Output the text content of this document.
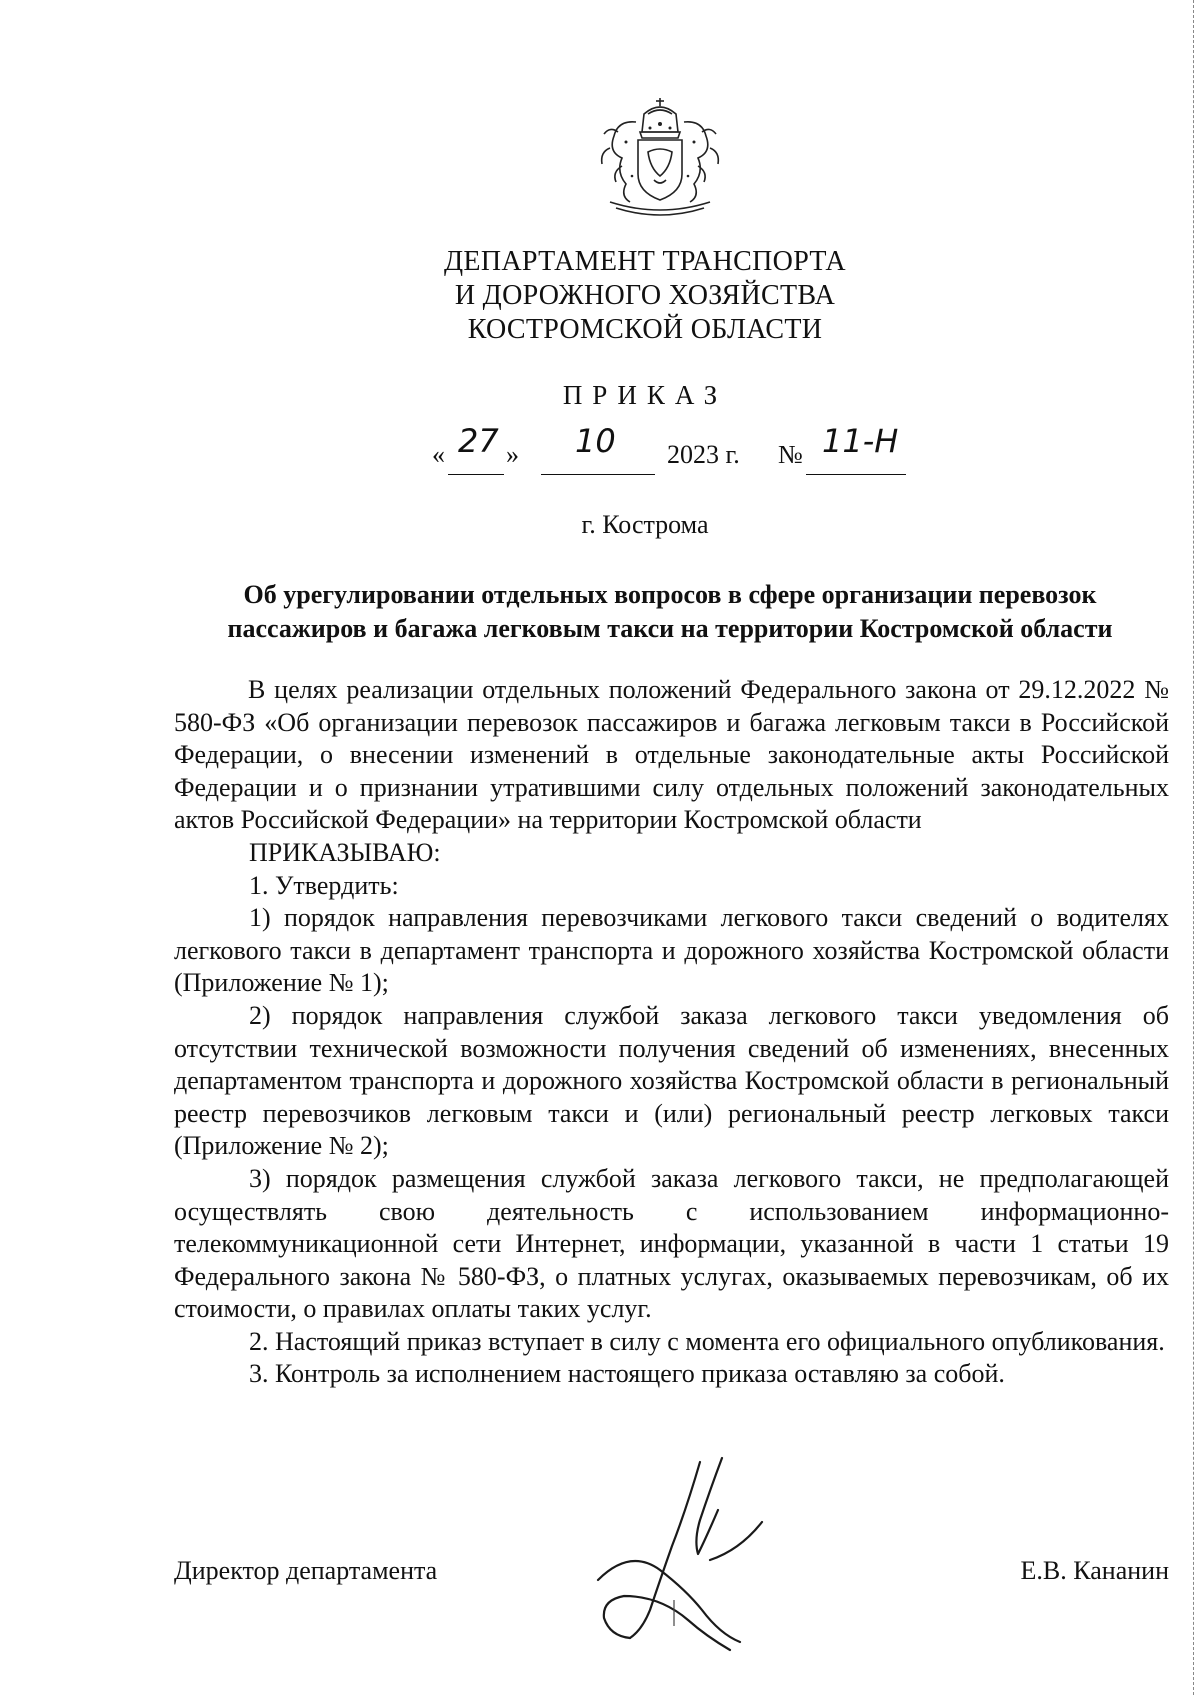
ДЕПАРТАМЕНТ ТРАНСПОРТА
И ДОРОЖНОГО ХОЗЯЙСТВА
КОСТРОМСКОЙ ОБЛАСТИ
ПРИКАЗ
« 27 » 10 2023 г. № 11-Н
г. Кострома
Об урегулировании отдельных вопросов в сфере организации перевозок
пассажиров и багажа легковым такси на территории Костромской области

В целях реализации отдельных положений Федерального закона от 29.12.2022 № 580-ФЗ «Об организации перевозок пассажиров и багажа легковым такси в Российской Федерации, о внесении изменений в отдельные законодательные акты Российской Федерации и о признании утратившими силу отдельных положений законодательных актов Российской Федерации» на территории Костромской области

ПРИКАЗЫВАЮ:

1. Утвердить:

1) порядок направления перевозчиками легкового такси сведений о водителях легкового такси в департамент транспорта и дорожного хозяйства Костромской области (Приложение № 1);

2) порядок направления службой заказа легкового такси уведомления об отсутствии технической возможности получения сведений об изменениях, внесенных департаментом транспорта и дорожного хозяйства Костромской области в региональный реестр перевозчиков легковым такси и (или) региональный реестр легковых такси (Приложение № 2);

3) порядок размещения службой заказа легкового такси, не предполагающей осуществлять свою деятельность с использованием информационно-телекоммуникационной сети Интернет, информации, указанной в части 1 статьи 19 Федерального закона № 580-ФЗ, о платных услугах, оказываемых перевозчикам, об их стоимости, о правилах оплаты таких услуг.

2. Настоящий приказ вступает в силу с момента его официального опубликования.

3. Контроль за исполнением настоящего приказа оставляю за собой.

Директор департамента	Е.В. Кананин
